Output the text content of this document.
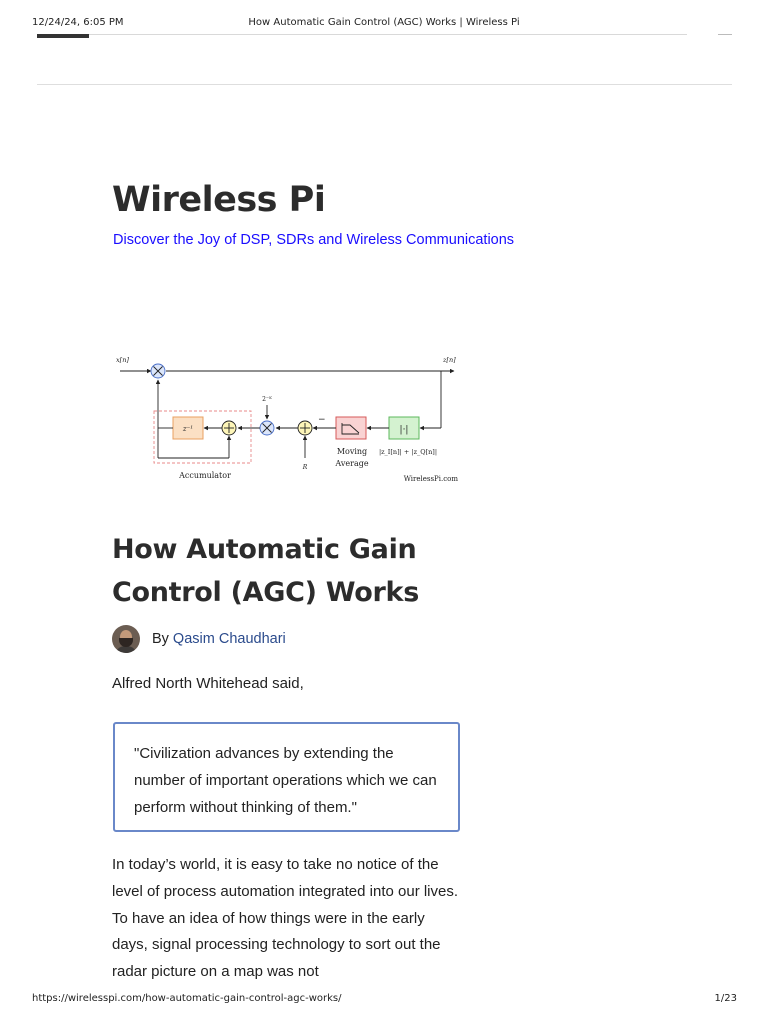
12/24/24, 6:05 PM	How Automatic Gain Control (AGC) Works | Wireless Pi
Wireless Pi
Discover the Joy of DSP, SDRs and Wireless Communications
|·|
−
R
2⁻ᴷ
Accumulator
z⁻¹
x[n]	z[n]
Moving
Average
|z_I[n]| + |z_Q[n]|
WirelessPi.com
How Automatic Gain Control (AGC) Works
By Qasim Chaudhari

Alfred North Whitehead said,

"Civilization advances by extending the number of important operations which we can perform without thinking of them."

In today’s world, it is easy to take no notice of the level of process automation integrated into our lives. To have an idea of how things were in the early days, signal processing technology to sort out the radar picture on a map was not

https://wirelesspi.com/how-automatic-gain-control-agc-works/	1/23
